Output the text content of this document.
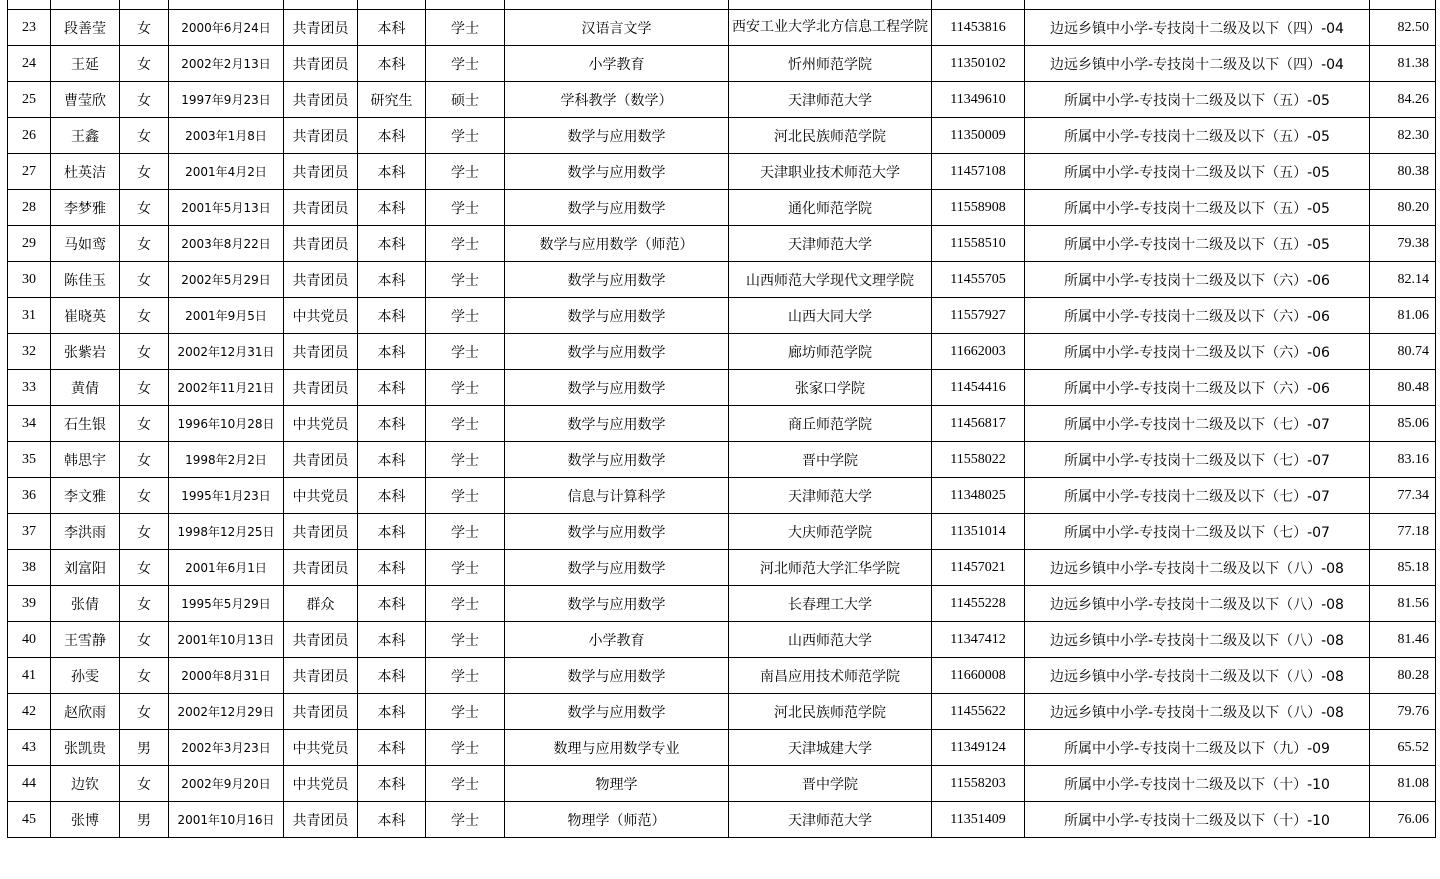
23	段善莹	女	2000年6月24日	共青团员	本科	学士	汉语言文学	西安工业大学北方信息工程学院	11453816	边远乡镇中小学-专技岗十二级及以下（四）-04	82.50
24	王延	女	2002年2月13日	共青团员	本科	学士	小学教育	忻州师范学院	11350102	边远乡镇中小学-专技岗十二级及以下（四）-04	81.38
25	曹莹欣	女	1997年9月23日	共青团员	研究生	硕士	学科教学（数学）	天津师范大学	11349610	所属中小学-专技岗十二级及以下（五）-05	84.26
26	王鑫	女	2003年1月8日	共青团员	本科	学士	数学与应用数学	河北民族师范学院	11350009	所属中小学-专技岗十二级及以下（五）-05	82.30
27	杜英洁	女	2001年4月2日	共青团员	本科	学士	数学与应用数学	天津职业技术师范大学	11457108	所属中小学-专技岗十二级及以下（五）-05	80.38
28	李梦雅	女	2001年5月13日	共青团员	本科	学士	数学与应用数学	通化师范学院	11558908	所属中小学-专技岗十二级及以下（五）-05	80.20
29	马如鸾	女	2003年8月22日	共青团员	本科	学士	数学与应用数学（师范）	天津师范大学	11558510	所属中小学-专技岗十二级及以下（五）-05	79.38
30	陈佳玉	女	2002年5月29日	共青团员	本科	学士	数学与应用数学	山西师范大学现代文理学院	11455705	所属中小学-专技岗十二级及以下（六）-06	82.14
31	崔晓英	女	2001年9月5日	中共党员	本科	学士	数学与应用数学	山西大同大学	11557927	所属中小学-专技岗十二级及以下（六）-06	81.06
32	张紫岩	女	2002年12月31日	共青团员	本科	学士	数学与应用数学	廊坊师范学院	11662003	所属中小学-专技岗十二级及以下（六）-06	80.74
33	黄倩	女	2002年11月21日	共青团员	本科	学士	数学与应用数学	张家口学院	11454416	所属中小学-专技岗十二级及以下（六）-06	80.48
34	石生银	女	1996年10月28日	中共党员	本科	学士	数学与应用数学	商丘师范学院	11456817	所属中小学-专技岗十二级及以下（七）-07	85.06
35	韩思宇	女	1998年2月2日	共青团员	本科	学士	数学与应用数学	晋中学院	11558022	所属中小学-专技岗十二级及以下（七）-07	83.16
36	李文雅	女	1995年1月23日	中共党员	本科	学士	信息与计算科学	天津师范大学	11348025	所属中小学-专技岗十二级及以下（七）-07	77.34
37	李洪雨	女	1998年12月25日	共青团员	本科	学士	数学与应用数学	大庆师范学院	11351014	所属中小学-专技岗十二级及以下（七）-07	77.18
38	刘富阳	女	2001年6月1日	共青团员	本科	学士	数学与应用数学	河北师范大学汇华学院	11457021	边远乡镇中小学-专技岗十二级及以下（八）-08	85.18
39	张倩	女	1995年5月29日	群众	本科	学士	数学与应用数学	长春理工大学	11455228	边远乡镇中小学-专技岗十二级及以下（八）-08	81.56
40	王雪静	女	2001年10月13日	共青团员	本科	学士	小学教育	山西师范大学	11347412	边远乡镇中小学-专技岗十二级及以下（八）-08	81.46
41	孙雯	女	2000年8月31日	共青团员	本科	学士	数学与应用数学	南昌应用技术师范学院	11660008	边远乡镇中小学-专技岗十二级及以下（八）-08	80.28
42	赵欣雨	女	2002年12月29日	共青团员	本科	学士	数学与应用数学	河北民族师范学院	11455622	边远乡镇中小学-专技岗十二级及以下（八）-08	79.76
43	张凯贵	男	2002年3月23日	中共党员	本科	学士	数理与应用数学专业	天津城建大学	11349124	所属中小学-专技岗十二级及以下（九）-09	65.52
44	边钦	女	2002年9月20日	中共党员	本科	学士	物理学	晋中学院	11558203	所属中小学-专技岗十二级及以下（十）-10	81.08
45	张博	男	2001年10月16日	共青团员	本科	学士	物理学（师范）	天津师范大学	11351409	所属中小学-专技岗十二级及以下（十）-10	76.06
